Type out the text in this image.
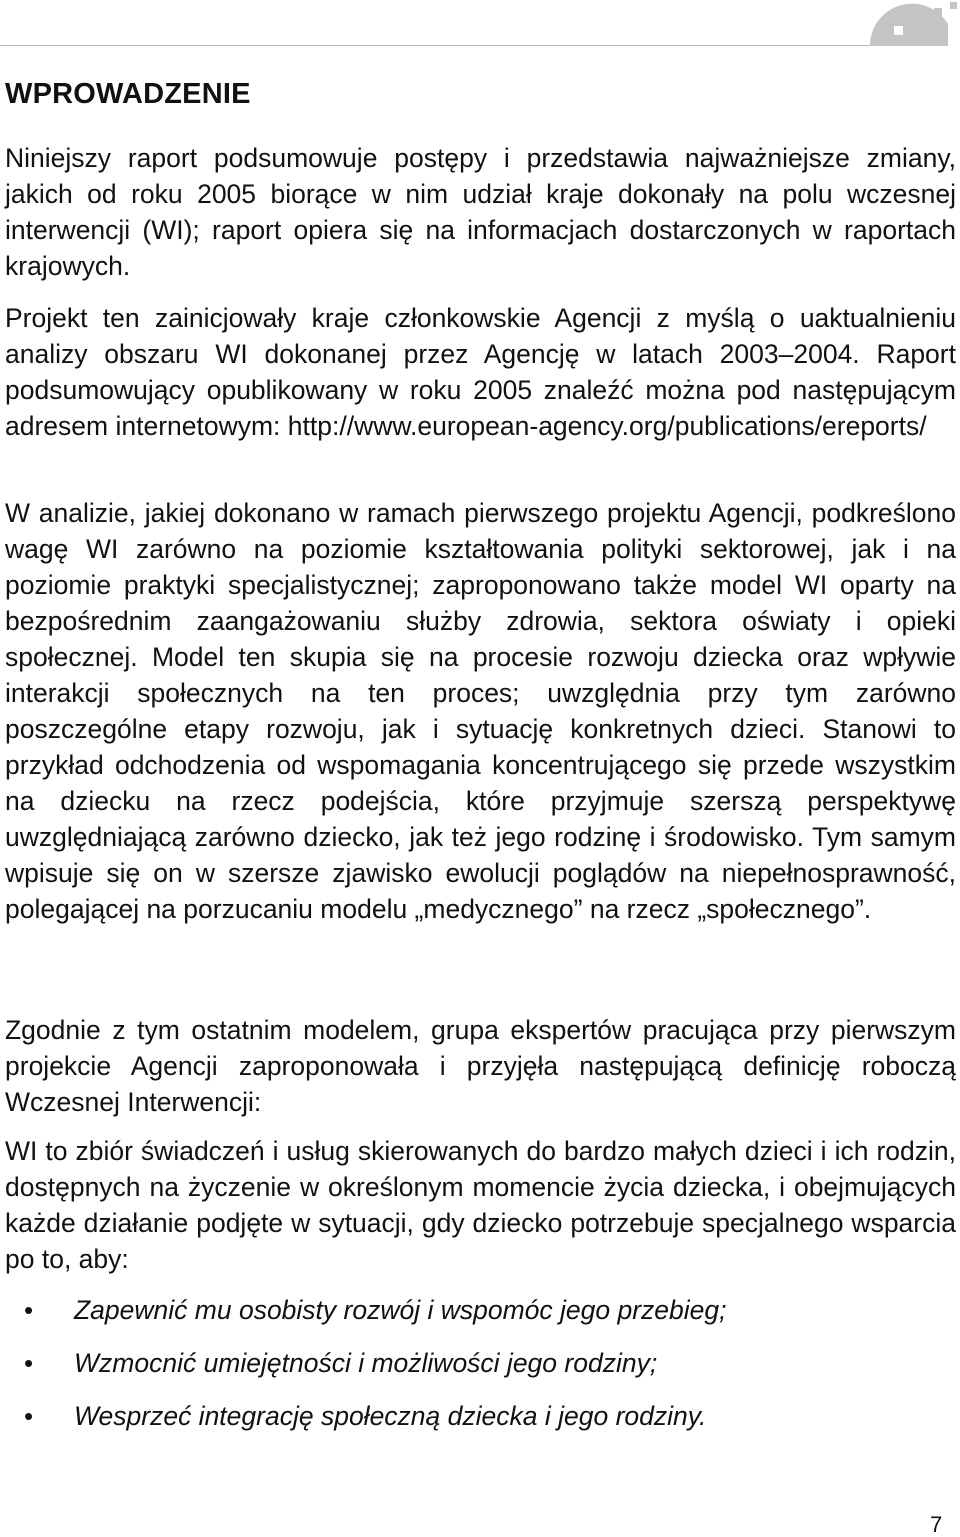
WPROWADZENIE

Niniejszy raport podsumowuje postępy i przedstawia najważniejsze zmiany, jakich od roku 2005 biorące w nim udział kraje dokonały na polu wczesnej interwencji (WI); raport opiera się na informacjach dostarczonych w raportach krajowych.

Projekt ten zainicjowały kraje członkowskie Agencji z myślą o uaktualnieniu analizy obszaru WI dokonanej przez Agencję w latach 2003–2004. Raport podsumowujący opublikowany w roku 2005 znaleźć można pod następującym adresem internetowym: http://www.european-agency.org/publications/ereports/

W analizie, jakiej dokonano w ramach pierwszego projektu Agencji, podkreślono wagę WI zarówno na poziomie kształtowania polityki sektorowej, jak i na poziomie praktyki specjalistycznej; zaproponowano także model WI oparty na bezpośrednim zaangażowaniu służby zdrowia, sektora oświaty i opieki społecznej. Model ten skupia się na procesie rozwoju dziecka oraz wpływie interakcji społecznych na ten proces; uwzględnia przy tym zarówno poszczególne etapy rozwoju, jak i sytuację konkretnych dzieci. Stanowi to przykład odchodzenia od wspomagania koncentrującego się przede wszystkim na dziecku na rzecz podejścia, które przyjmuje szerszą perspektywę uwzględniającą zarówno dziecko, jak też jego rodzinę i środowisko. Tym samym wpisuje się on w szersze zjawisko ewolucji poglądów na niepełnosprawność, polegającej na porzucaniu modelu „medycznego” na rzecz „społecznego”.

Zgodnie z tym ostatnim modelem, grupa ekspertów pracująca przy pierwszym projekcie Agencji zaproponowała i przyjęła następującą definicję roboczą Wczesnej Interwencji:

WI to zbiór świadczeń i usług skierowanych do bardzo małych dzieci i ich rodzin, dostępnych na życzenie w określonym momencie życia dziecka, i obejmujących każde działanie podjęte w sytuacji, gdy dziecko potrzebuje specjalnego wsparcia po to, aby:

• Zapewnić mu osobisty rozwój i wspomóc jego przebieg;
• Wzmocnić umiejętności i możliwości jego rodziny;
• Wesprzeć integrację społeczną dziecka i jego rodziny.
7
